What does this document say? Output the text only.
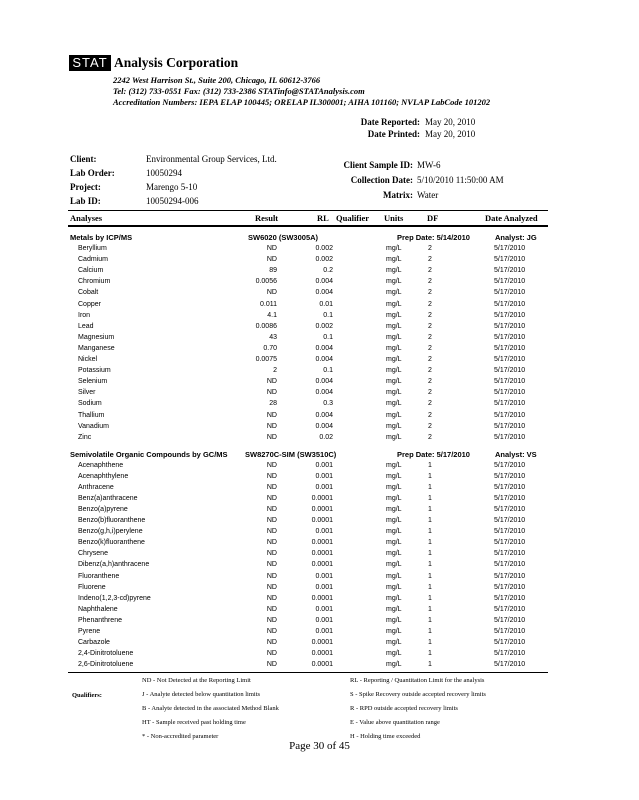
STAT Analysis Corporation
2242 West Harrison St., Suite 200, Chicago, IL 60612-3766
Tel: (312) 733-0551 Fax: (312) 733-2386 STATinfo@STATAnalysis.com
Accreditation Numbers: IEPA ELAP 100445; ORELAP IL300001; AIHA 101160; NVLAP LabCode 101202
Date Reported: May 20, 2010
Date Printed: May 20, 2010
Client:	Environmental Group Services, Ltd.
Lab Order:	10050294
Project:	Marengo 5-10
Lab ID:	10050294-006
Client Sample ID: MW-6
Collection Date: 5/10/2010 11:50:00 AM
Matrix: Water
Analyses	Result	RL Qualifier Units	DF	Date Analyzed
Metals by ICP/MS	SW6020 (SW3005A)	Prep Date: 5/14/2010	Analyst: JG
Beryllium	ND	0.002	mg/L	2	5/17/2010
Cadmium	ND	0.002	mg/L	2	5/17/2010
Calcium	89	0.2	mg/L	2	5/17/2010
Chromium	0.0056	0.004	mg/L	2	5/17/2010
Cobalt	ND	0.004	mg/L	2	5/17/2010
Copper	0.011	0.01	mg/L	2	5/17/2010
Iron	4.1	0.1	mg/L	2	5/17/2010
Lead	0.0086	0.002	mg/L	2	5/17/2010
Magnesium	43	0.1	mg/L	2	5/17/2010
Manganese	0.70	0.004	mg/L	2	5/17/2010
Nickel	0.0075	0.004	mg/L	2	5/17/2010
Potassium	2	0.1	mg/L	2	5/17/2010
Selenium	ND	0.004	mg/L	2	5/17/2010
Silver	ND	0.004	mg/L	2	5/17/2010
Sodium	28	0.3	mg/L	2	5/17/2010
Thallium	ND	0.004	mg/L	2	5/17/2010
Vanadium	ND	0.004	mg/L	2	5/17/2010
Zinc	ND	0.02	mg/L	2	5/17/2010
Semivolatile Organic Compounds by GC/MS SW8270C-SIM (SW3510C)	Prep Date: 5/17/2010	Analyst: VS
Acenaphthene	ND	0.001	mg/L	1	5/17/2010
Acenaphthylene	ND	0.001	mg/L	1	5/17/2010
Anthracene	ND	0.001	mg/L	1	5/17/2010
Benz(a)anthracene	ND	0.0001	mg/L	1	5/17/2010
Benzo(a)pyrene	ND	0.0001	mg/L	1	5/17/2010
Benzo(b)fluoranthene	ND	0.0001	mg/L	1	5/17/2010
Benzo(g,h,i)perylene	ND	0.001	mg/L	1	5/17/2010
Benzo(k)fluoranthene	ND	0.0001	mg/L	1	5/17/2010
Chrysene	ND	0.0001	mg/L	1	5/17/2010
Dibenz(a,h)anthracene	ND	0.0001	mg/L	1	5/17/2010
Fluoranthene	ND	0.001	mg/L	1	5/17/2010
Fluorene	ND	0.001	mg/L	1	5/17/2010
Indeno(1,2,3-cd)pyrene	ND	0.0001	mg/L	1	5/17/2010
Naphthalene	ND	0.001	mg/L	1	5/17/2010
Phenanthrene	ND	0.001	mg/L	1	5/17/2010
Pyrene	ND	0.001	mg/L	1	5/17/2010
Carbazole	ND	0.0001	mg/L	1	5/17/2010
2,4-Dinitrotoluene	ND	0.0001	mg/L	1	5/17/2010
2,6-Dinitrotoluene	ND	0.0001	mg/L	1	5/17/2010
Qualifiers:
ND - Not Detected at the Reporting Limit
J - Analyte detected below quantitation limits
B - Analyte detected in the associated Method Blank
HT - Sample received past holding time
* - Non-accredited parameter
RL - Reporting / Quantitation Limit for the analysis
S - Spike Recovery outside accepted recovery limits
R - RPD outside accepted recovery limits
E - Value above quantitation range
H - Holding time exceeded
Page 30 of 45
